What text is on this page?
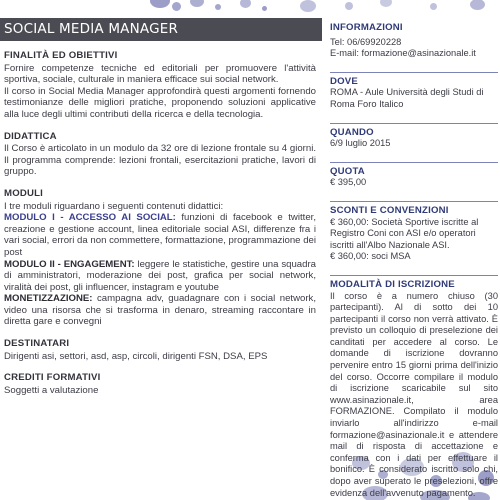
SOCIAL MEDIA MANAGER
FINALITÀ ED OBIETTIVI

Fornire competenze tecniche ed editoriali per promuovere l'attività sportiva, sociale, culturale in maniera efficace sui social network.

Il corso in Social Media Manager approfondirà questi argomenti fornendo testimonianze delle migliori pratiche, proponendo soluzioni applicative alla luce degli ultimi contributi della ricerca e della tecnologia.

DIDATTICA

Il Corso è articolato in un modulo da 32 ore di lezione frontale su 4 giorni. Il programma comprende: lezioni frontali, esercitazioni pratiche, lavori di gruppo.

MODULI

I tre moduli riguardano i seguenti contenuti didattici:

MODULO I - ACCESSO AI SOCIAL: funzioni di facebook e twitter, creazione e gestione account, linea editoriale social ASI, differenze fra i vari social, errori da non commettere, formattazione, programmazione dei post

MODULO II - ENGAGEMENT: leggere le statistiche, gestire una squadra di amministratori, moderazione dei post, grafica per social network, viralità dei post, gli influencer, instagram e youtube

MONETIZZAZIONE: campagna adv, guadagnare con i social network, video una risorsa che si trasforma in denaro, streaming raccontare in diretta gare e convegni

DESTINATARI

Dirigenti asi, settori, asd, asp, circoli, dirigenti FSN, DSA, EPS

CREDITI FORMATIVI

Soggetti a valutazione

INFORMAZIONI

Tel: 06/69920228

E-mail: formazione@asinazionale.it

DOVE

ROMA - Aule Università degli Studi di Roma Foro Italico

QUANDO

6/9 luglio 2015

QUOTA

€ 395,00

SCONTI E CONVENZIONI

€ 360,00: Società Sportive iscritte al Registro Coni con ASI e/o operatori iscritti all'Albo Nazionale ASI.

€ 360,00: soci MSA

MODALITÀ DI ISCRIZIONE

Il corso è a numero chiuso (30 partecipanti). Al di sotto dei 10 partecipanti il corso non verrà attivato. È previsto un colloquio di preselezione dei canditati per accedere al corso. Le domande di iscrizione dovranno pervenire entro 15 giorni prima dell'inizio del corso. Occorre compilare il modulo di iscrizione scaricabile sul sito www.asinazionale.it, area FORMAZIONE. Compilato il modulo inviarlo all'indirizzo e-mail formazione@asinazionale.it e attendere mail di risposta di accettazione e conferma con i dati per effettuare il bonifico. È considerato iscritto solo chi, dopo aver superato le preselezioni, offre evidenza dell'avvenuto pagamento.
